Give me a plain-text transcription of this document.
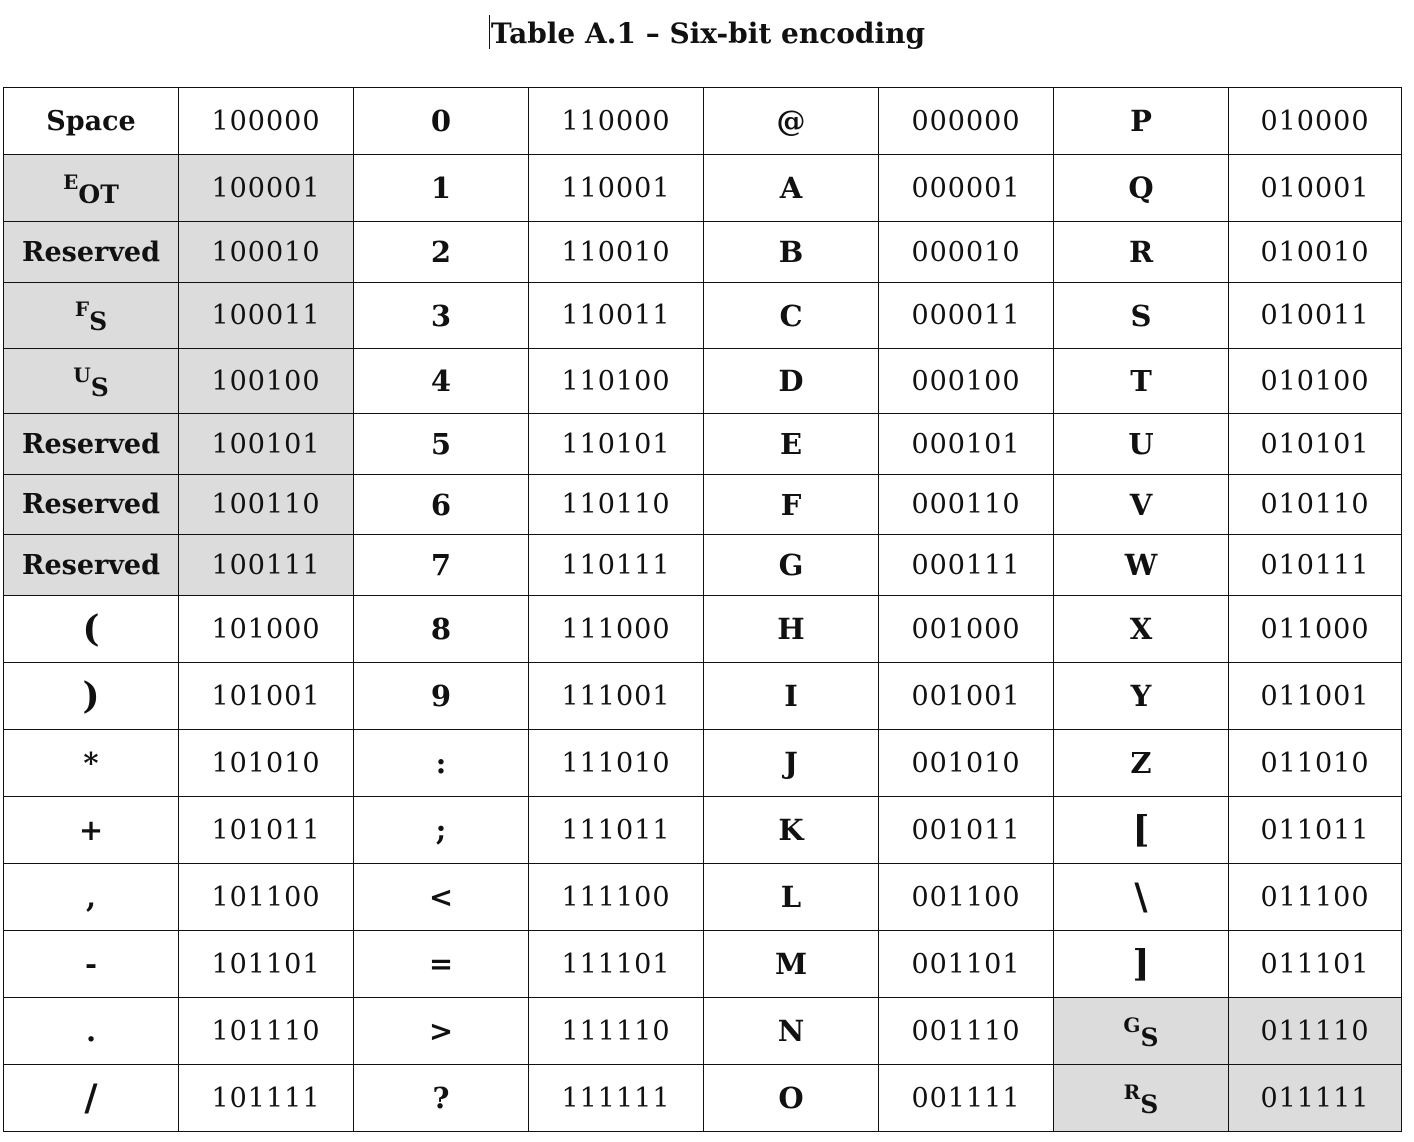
Table A.1 – Six-bit encoding
Space	100000	0	110000	@	000000	P	010000
EOT	100001	1	110001	A	000001	Q	010001
Reserved	100010	2	110010	B	000010	R	010010
FS	100011	3	110011	C	000011	S	010011
US	100100	4	110100	D	000100	T	010100
Reserved	100101	5	110101	E	000101	U	010101
Reserved	100110	6	110110	F	000110	V	010110
Reserved	100111	7	110111	G	000111	W	010111
(	101000	8	111000	H	001000	X	011000
)	101001	9	111001	I	001001	Y	011001
*	101010	:	111010	J	001010	Z	011010
+	101011	;	111011	K	001011	[	011011
,	101100	<	111100	L	001100	\	011100
-	101101	=	111101	M	001101	]	011101
.	101110	>	111110	N	001110	GS	011110
/	101111	?	111111	O	001111	RS	011111
